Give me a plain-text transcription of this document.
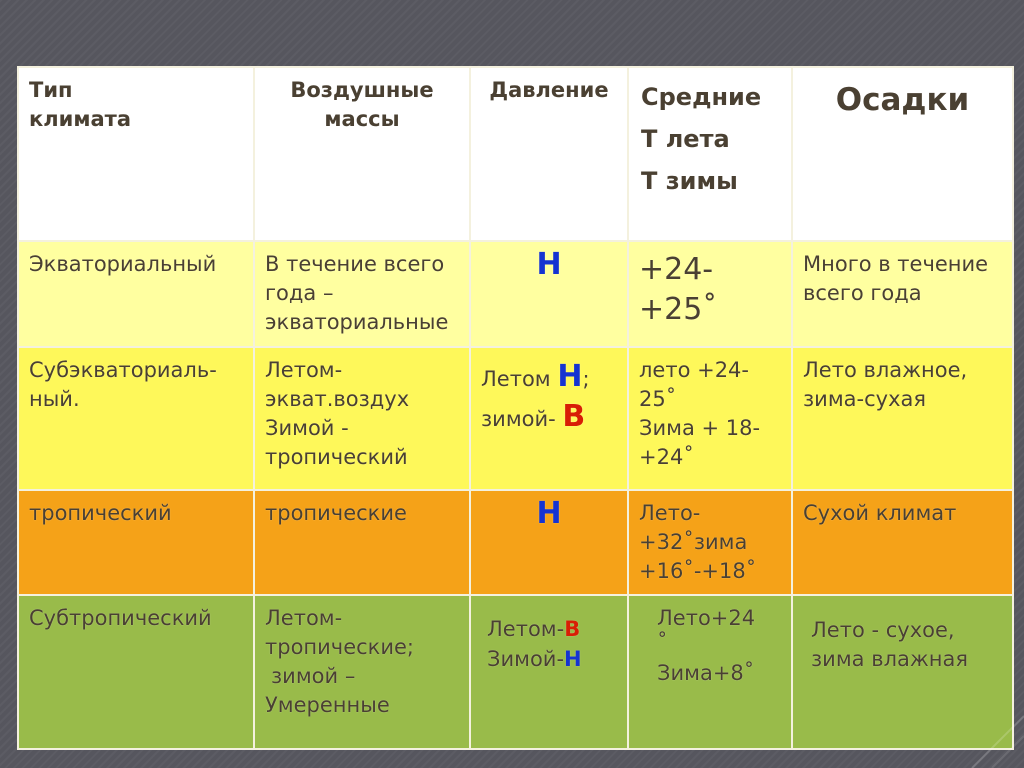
Тип
климата	Воздушные
массы	Давление	Средние
Т лета
Т зимы	Осадки

Экваториальный	В течение всего
года –
экваториальные	Н	+24-
+25˚	Много в течение
всего года

Субэкваториаль-
ный.	Летом-
экват.воздух
Зимой -
тропический	Летом Н;
зимой- В	лето +24-
25˚
Зима + 18-
+24˚	Лето влажное,
зима-сухая

тропический	тропические	Н	Лето-
+32˚зима
+16˚-+18˚	Сухой климат
Субтропический	Летом-
тропические;
зимой –
Умеренные	Летом-В
Зимой-Н	Лето+24
˚
Зима+8˚	Лето - сухое,
зима влажная
